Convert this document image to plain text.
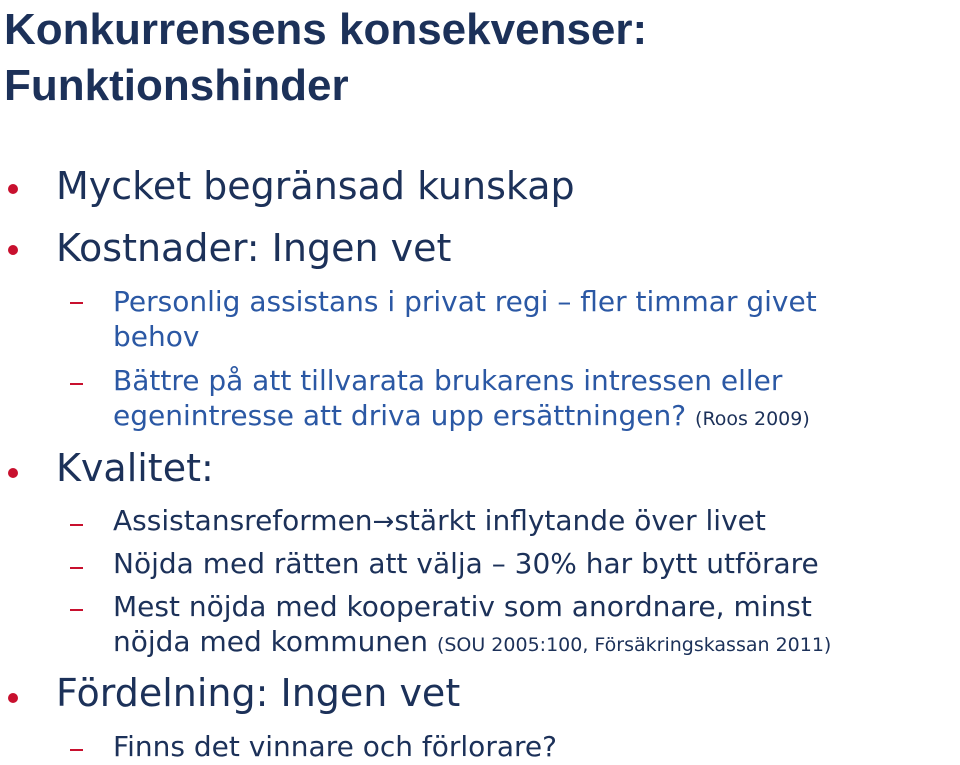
Konkurrensens konsekvenser:
Funktionshinder
Mycket begränsad kunskap
Kostnader: Ingen vet
Personlig assistans i privat regi – fler timmar givet
behov
Bättre på att tillvarata brukarens intressen eller
egenintresse att driva upp ersättningen? (Roos 2009)
Kvalitet:
Assistansreformen→stärkt inflytande över livet
Nöjda med rätten att välja – 30% har bytt utförare
Mest nöjda med kooperativ som anordnare, minst
nöjda med kommunen (SOU 2005:100, Försäkringskassan 2011)
Fördelning: Ingen vet
Finns det vinnare och förlorare?
